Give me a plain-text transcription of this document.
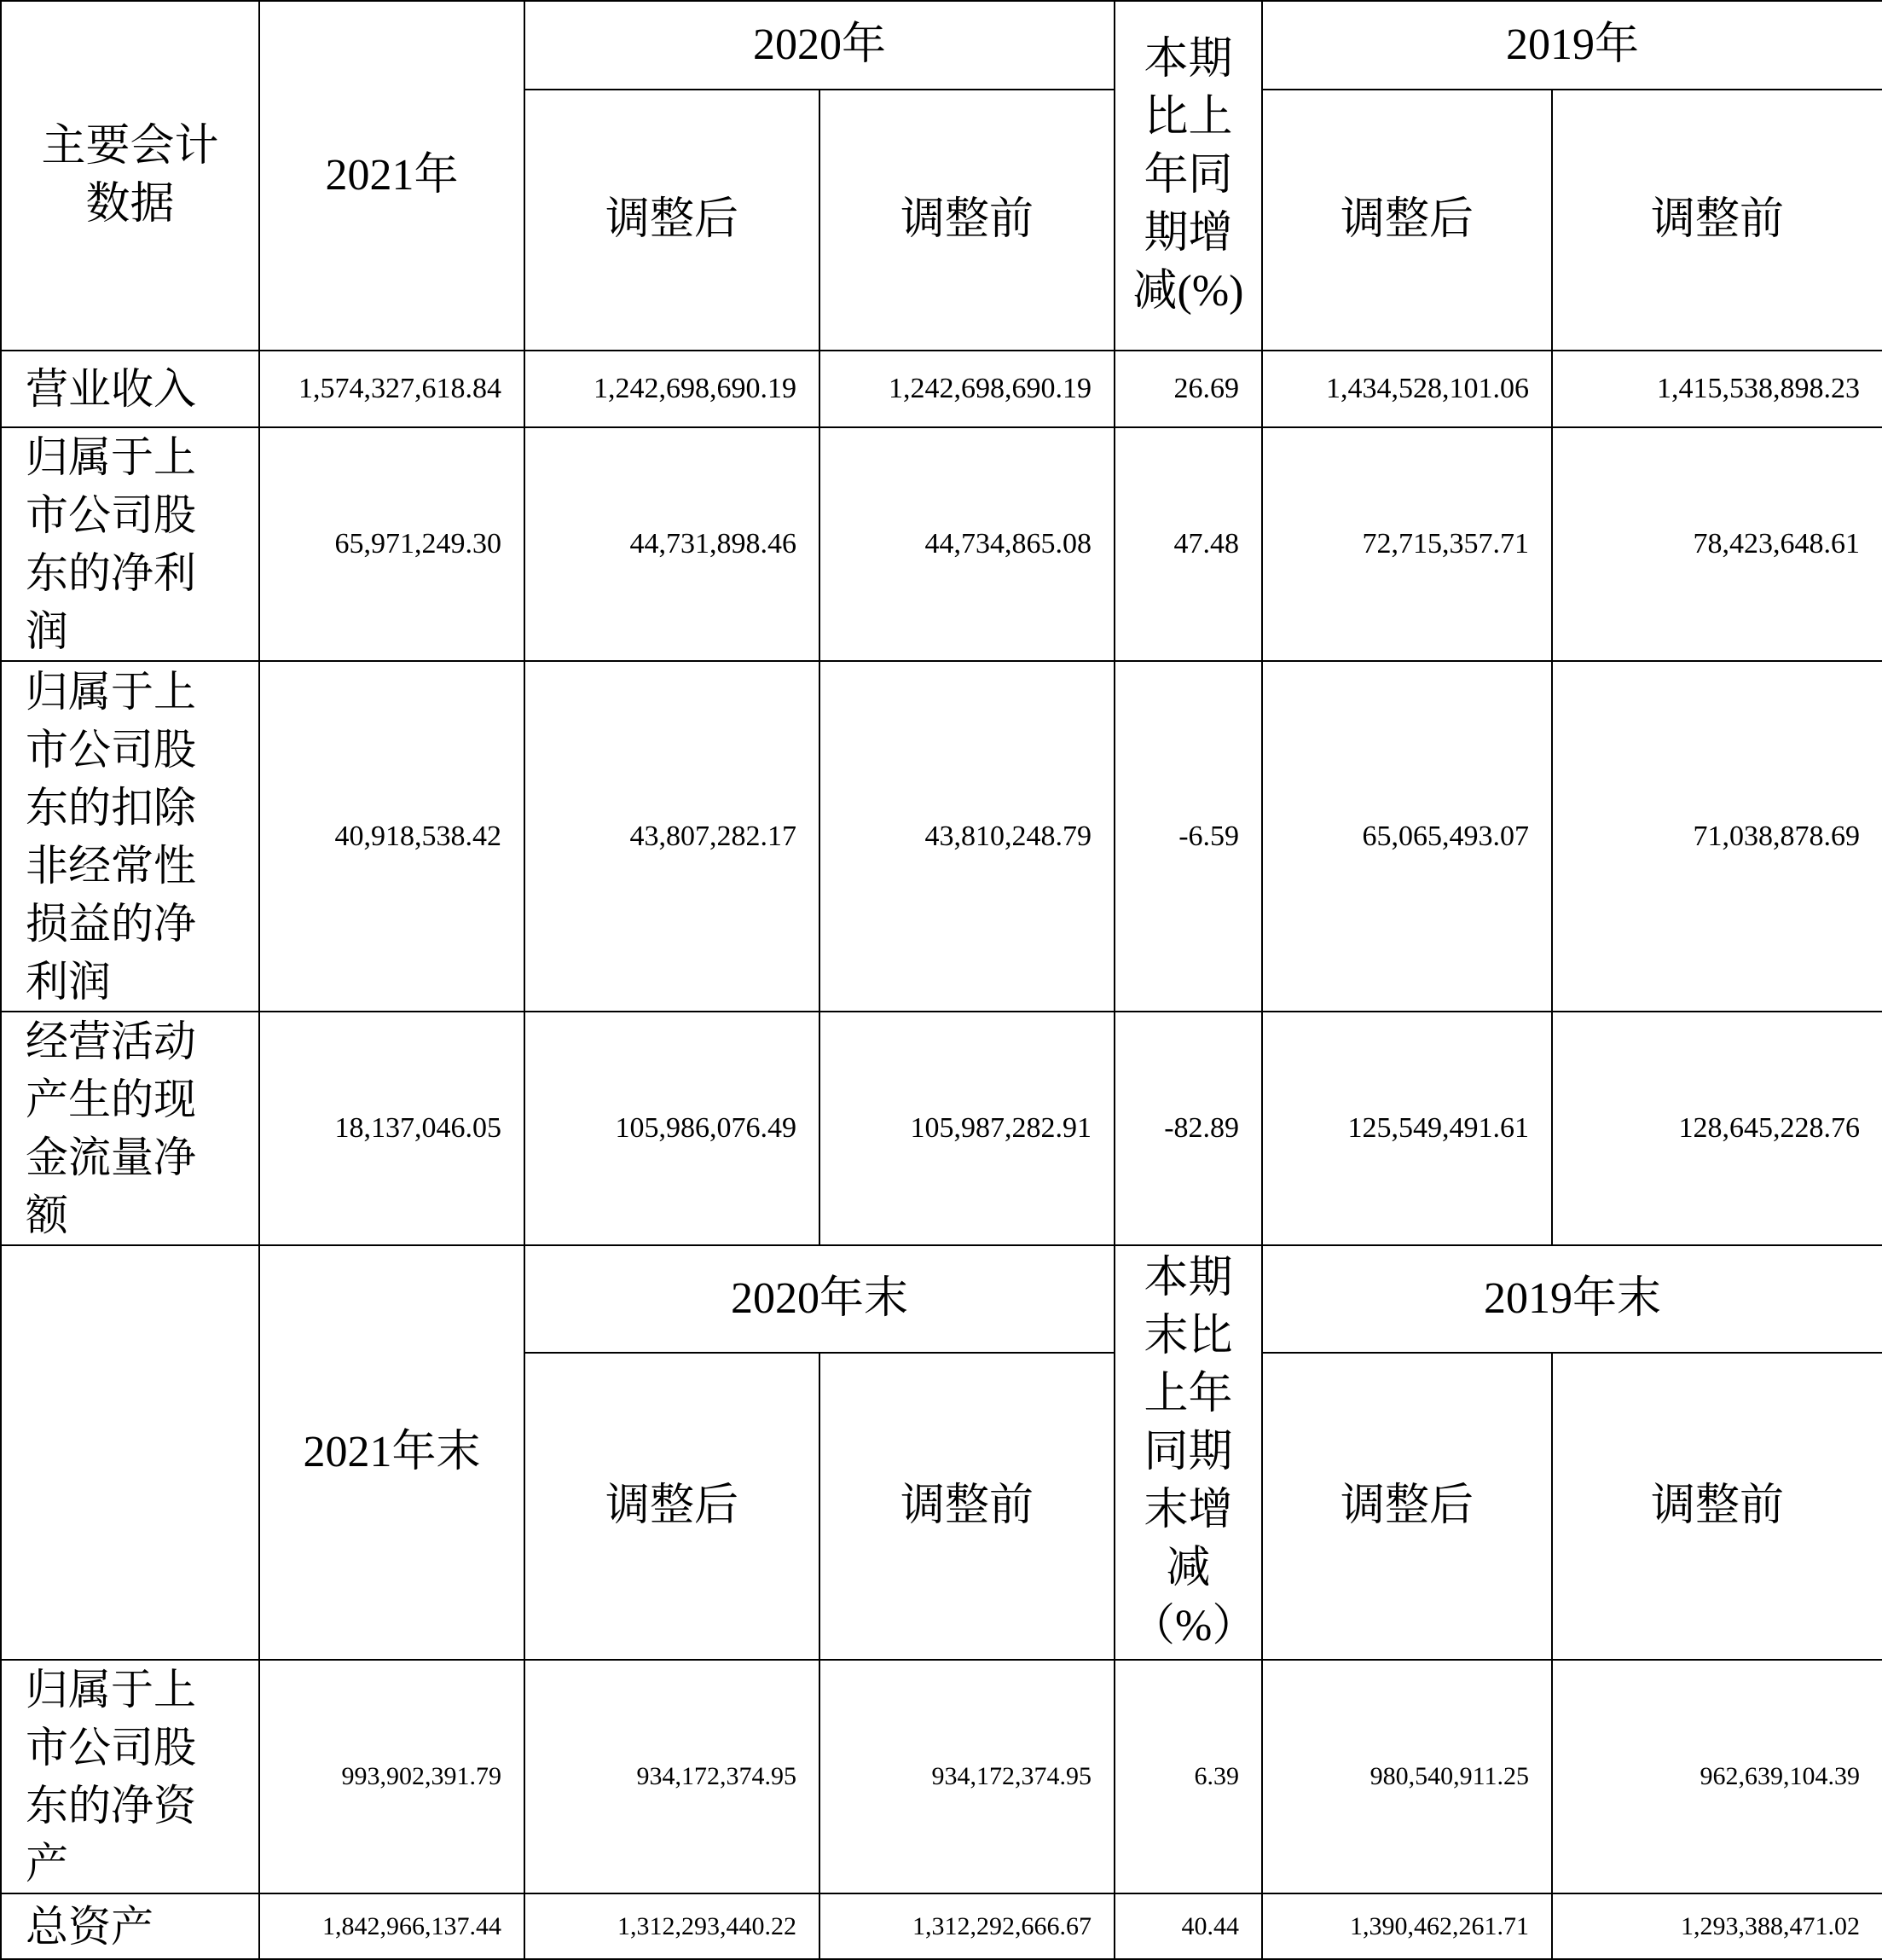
主要会计数据	2021年	2020年		本期比上年同期增减(%)	2019年	
		调整后	调整前		调整后	调整前
营业收入	1,574,327,618.84	1,242,698,690.19	1,242,698,690.19	26.69	1,434,528,101.06	1,415,538,898.23
归属于上市公司股东的净利润	65,971,249.30	44,731,898.46	44,734,865.08	47.48	72,715,357.71	78,423,648.61
归属于上市公司股东的扣除非经常性损益的净利润	40,918,538.42	43,807,282.17	43,810,248.79	-6.59	65,065,493.07	71,038,878.69
经营活动产生的现金流量净额	18,137,046.05	105,986,076.49	105,987,282.91	-82.89	125,549,491.61	128,645,228.76
	2021年末	2020年末		本期末比上年同期末增减（%）	2019年末	
		调整后	调整前		调整后	调整前
归属于上市公司股东的净资产	993,902,391.79	934,172,374.95	934,172,374.95	6.39	980,540,911.25	962,639,104.39
总资产	1,842,966,137.44	1,312,293,440.22	1,312,292,666.67	40.44	1,390,462,261.71	1,293,388,471.02
